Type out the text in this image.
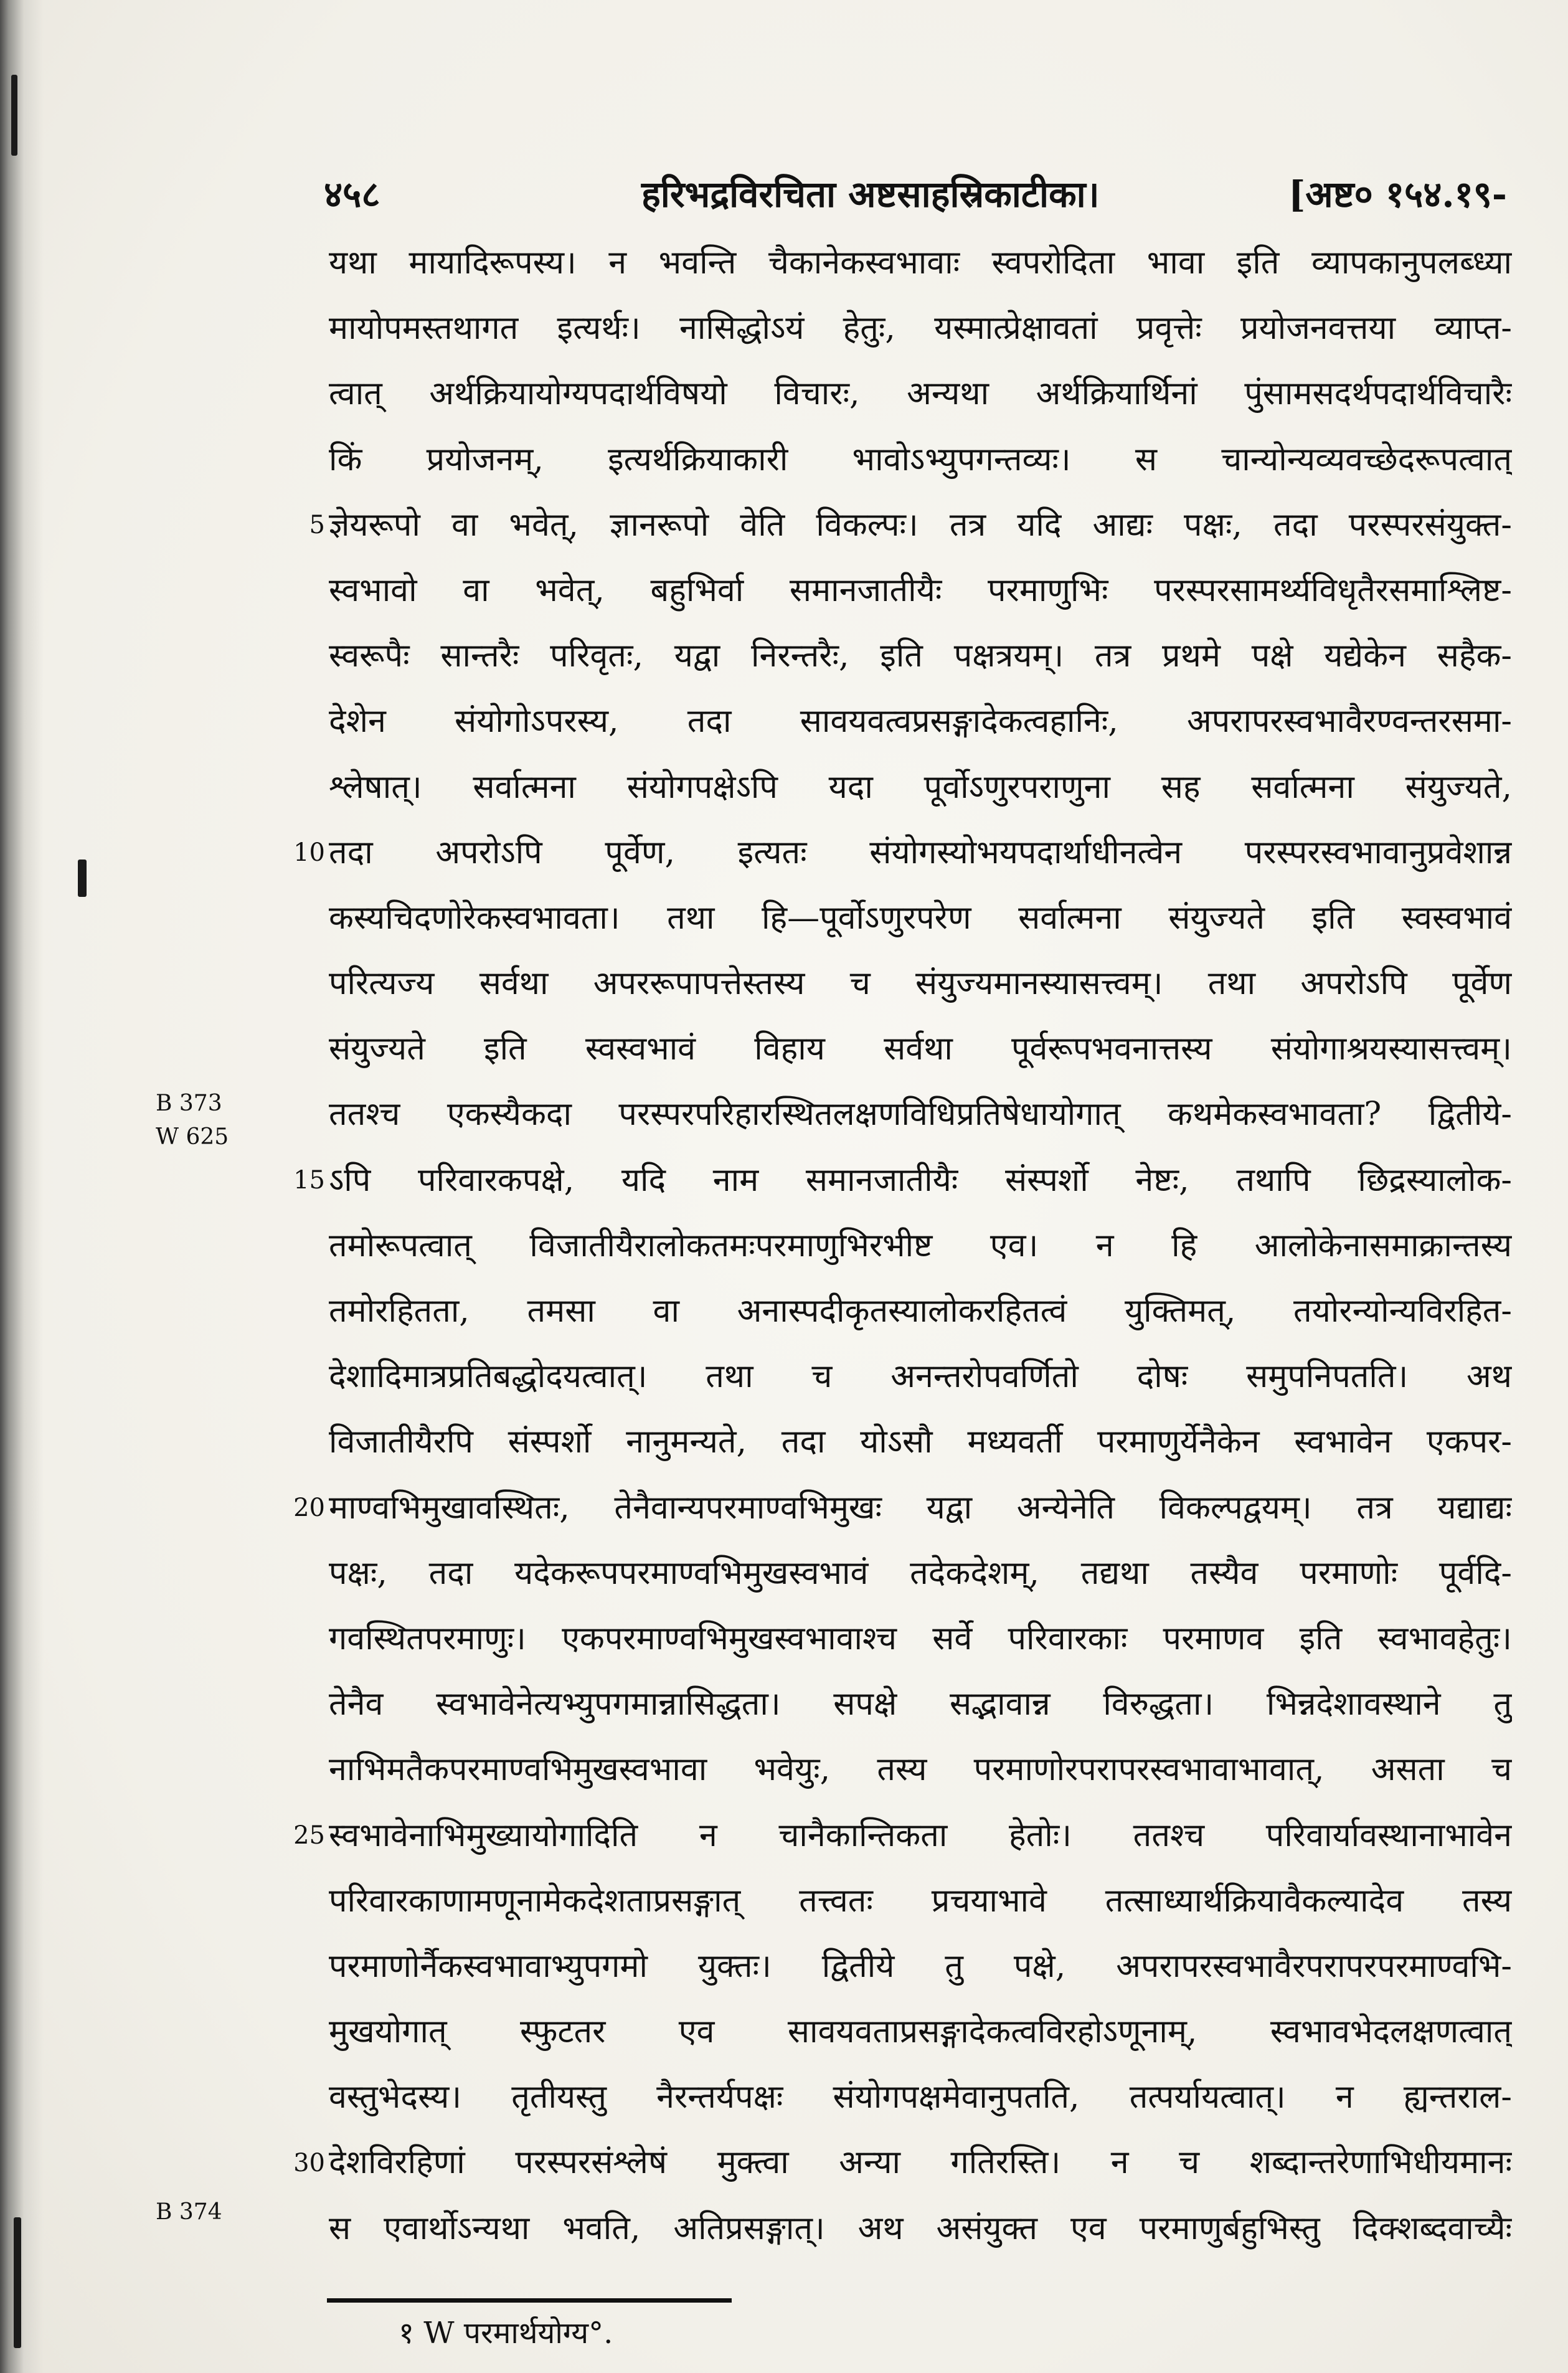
४५८	हरिभद्रविरचिता अष्टसाहस्रिकाटीका।	[अष्ट० १५४.१९-
B 373
W 625
B 374
5
10
15
20
25
30
यथा मायादिरूपस्य। न भवन्ति चैकानेकस्वभावाः स्वपरोदिता भावा इति व्यापकानुपलब्ध्या
मायोपमस्तथागत इत्यर्थः। नासिद्धोऽयं हेतुः, यस्मात्प्रेक्षावतां प्रवृत्तेः प्रयोजनवत्तया व्याप्त-
त्वात् अर्थक्रियायोग्यपदार्थविषयो विचारः, अन्यथा अर्थक्रियार्थिनां पुंसामसदर्थपदार्थविचारैः
किं प्रयोजनम्, इत्यर्थक्रियाकारी भावोऽभ्युपगन्तव्यः। स चान्योन्यव्यवच्छेदरूपत्वात्
ज्ञेयरूपो वा भवेत्, ज्ञानरूपो वेति विकल्पः। तत्र यदि आद्यः पक्षः, तदा परस्परसंयुक्त-
स्वभावो वा भवेत्, बहुभिर्वा समानजातीयैः परमाणुभिः परस्परसामर्थ्यविधृतैरसमाश्लिष्ट-
स्वरूपैः सान्तरैः परिवृतः, यद्वा निरन्तरैः, इति पक्षत्रयम्। तत्र प्रथमे पक्षे यद्येकेन सहैक-
देशेन संयोगोऽपरस्य, तदा सावयवत्वप्रसङ्गादेकत्वहानिः, अपरापरस्वभावैरण्वन्तरसमा-
श्लेषात्। सर्वात्मना संयोगपक्षेऽपि यदा पूर्वोऽणुरपराणुना सह सर्वात्मना संयुज्यते,
तदा अपरोऽपि पूर्वेण, इत्यतः संयोगस्योभयपदार्थाधीनत्वेन परस्परस्वभावानुप्रवेशान्न
कस्यचिदणोरेकस्वभावता। तथा हि—पूर्वोऽणुरपरेण सर्वात्मना संयुज्यते इति स्वस्वभावं
परित्यज्य सर्वथा अपररूपापत्तेस्तस्य च संयुज्यमानस्यासत्त्वम्। तथा अपरोऽपि पूर्वेण
संयुज्यते इति स्वस्वभावं विहाय सर्वथा पूर्वरूपभवनात्तस्य संयोगाश्रयस्यासत्त्वम्।
ततश्च एकस्यैकदा परस्परपरिहारस्थितलक्षणविधिप्रतिषेधायोगात् कथमेकस्वभावता? द्वितीये-
ऽपि परिवारकपक्षे, यदि नाम समानजातीयैः संस्पर्शो नेष्टः, तथापि छिद्रस्यालोक-
तमोरूपत्वात् विजातीयैरालोकतमःपरमाणुभिरभीष्ट एव। न हि आलोकेनासमाक्रान्तस्य
तमोरहितता, तमसा वा अनास्पदीकृतस्यालोकरहितत्वं युक्तिमत्, तयोरन्योन्यविरहित-
देशादिमात्रप्रतिबद्धोदयत्वात्। तथा च अनन्तरोपवर्णितो दोषः समुपनिपतति। अथ
विजातीयैरपि संस्पर्शो नानुमन्यते, तदा योऽसौ मध्यवर्ती परमाणुर्येनैकेन स्वभावेन एकपर-
माण्वभिमुखावस्थितः, तेनैवान्यपरमाण्वभिमुखः यद्वा अन्येनेति विकल्पद्वयम्। तत्र यद्याद्यः
पक्षः, तदा यदेकरूपपरमाण्वभिमुखस्वभावं तदेकदेशम्, तद्यथा तस्यैव परमाणोः पूर्वदि-
गवस्थितपरमाणुः। एकपरमाण्वभिमुखस्वभावाश्च सर्वे परिवारकाः परमाणव इति स्वभावहेतुः।
तेनैव स्वभावेनेत्यभ्युपगमान्नासिद्धता। सपक्षे सद्भावान्न विरुद्धता। भिन्नदेशावस्थाने तु
नाभिमतैकपरमाण्वभिमुखस्वभावा भवेयुः, तस्य परमाणोरपरापरस्वभावाभावात्, असता च
स्वभावेनाभिमुख्यायोगादिति न चानैकान्तिकता हेतोः। ततश्च परिवार्यावस्थानाभावेन
परिवारकाणामणूनामेकदेशताप्रसङ्गात् तत्त्वतः प्रचयाभावे तत्साध्यार्थक्रियावैकल्यादेव तस्य
परमाणोर्नैकस्वभावाभ्युपगमो युक्तः। द्वितीये तु पक्षे, अपरापरस्वभावैरपरापरपरमाण्वभि-
मुखयोगात् स्फुटतर एव सावयवताप्रसङ्गादेकत्वविरहोऽणूनाम्, स्वभावभेदलक्षणत्वात्
वस्तुभेदस्य। तृतीयस्तु नैरन्तर्यपक्षः संयोगपक्षमेवानुपतति, तत्पर्यायत्वात्। न ह्यन्तराल-
देशविरहिणां परस्परसंश्लेषं मुक्त्वा अन्या गतिरस्ति। न च शब्दान्तरेणाभिधीयमानः
स एवार्थोऽन्यथा भवति, अतिप्रसङ्गात्। अथ असंयुक्त एव परमाणुर्बहुभिस्तु दिक्शब्दवाच्यैः
१ W परमार्थयोग्य°.
